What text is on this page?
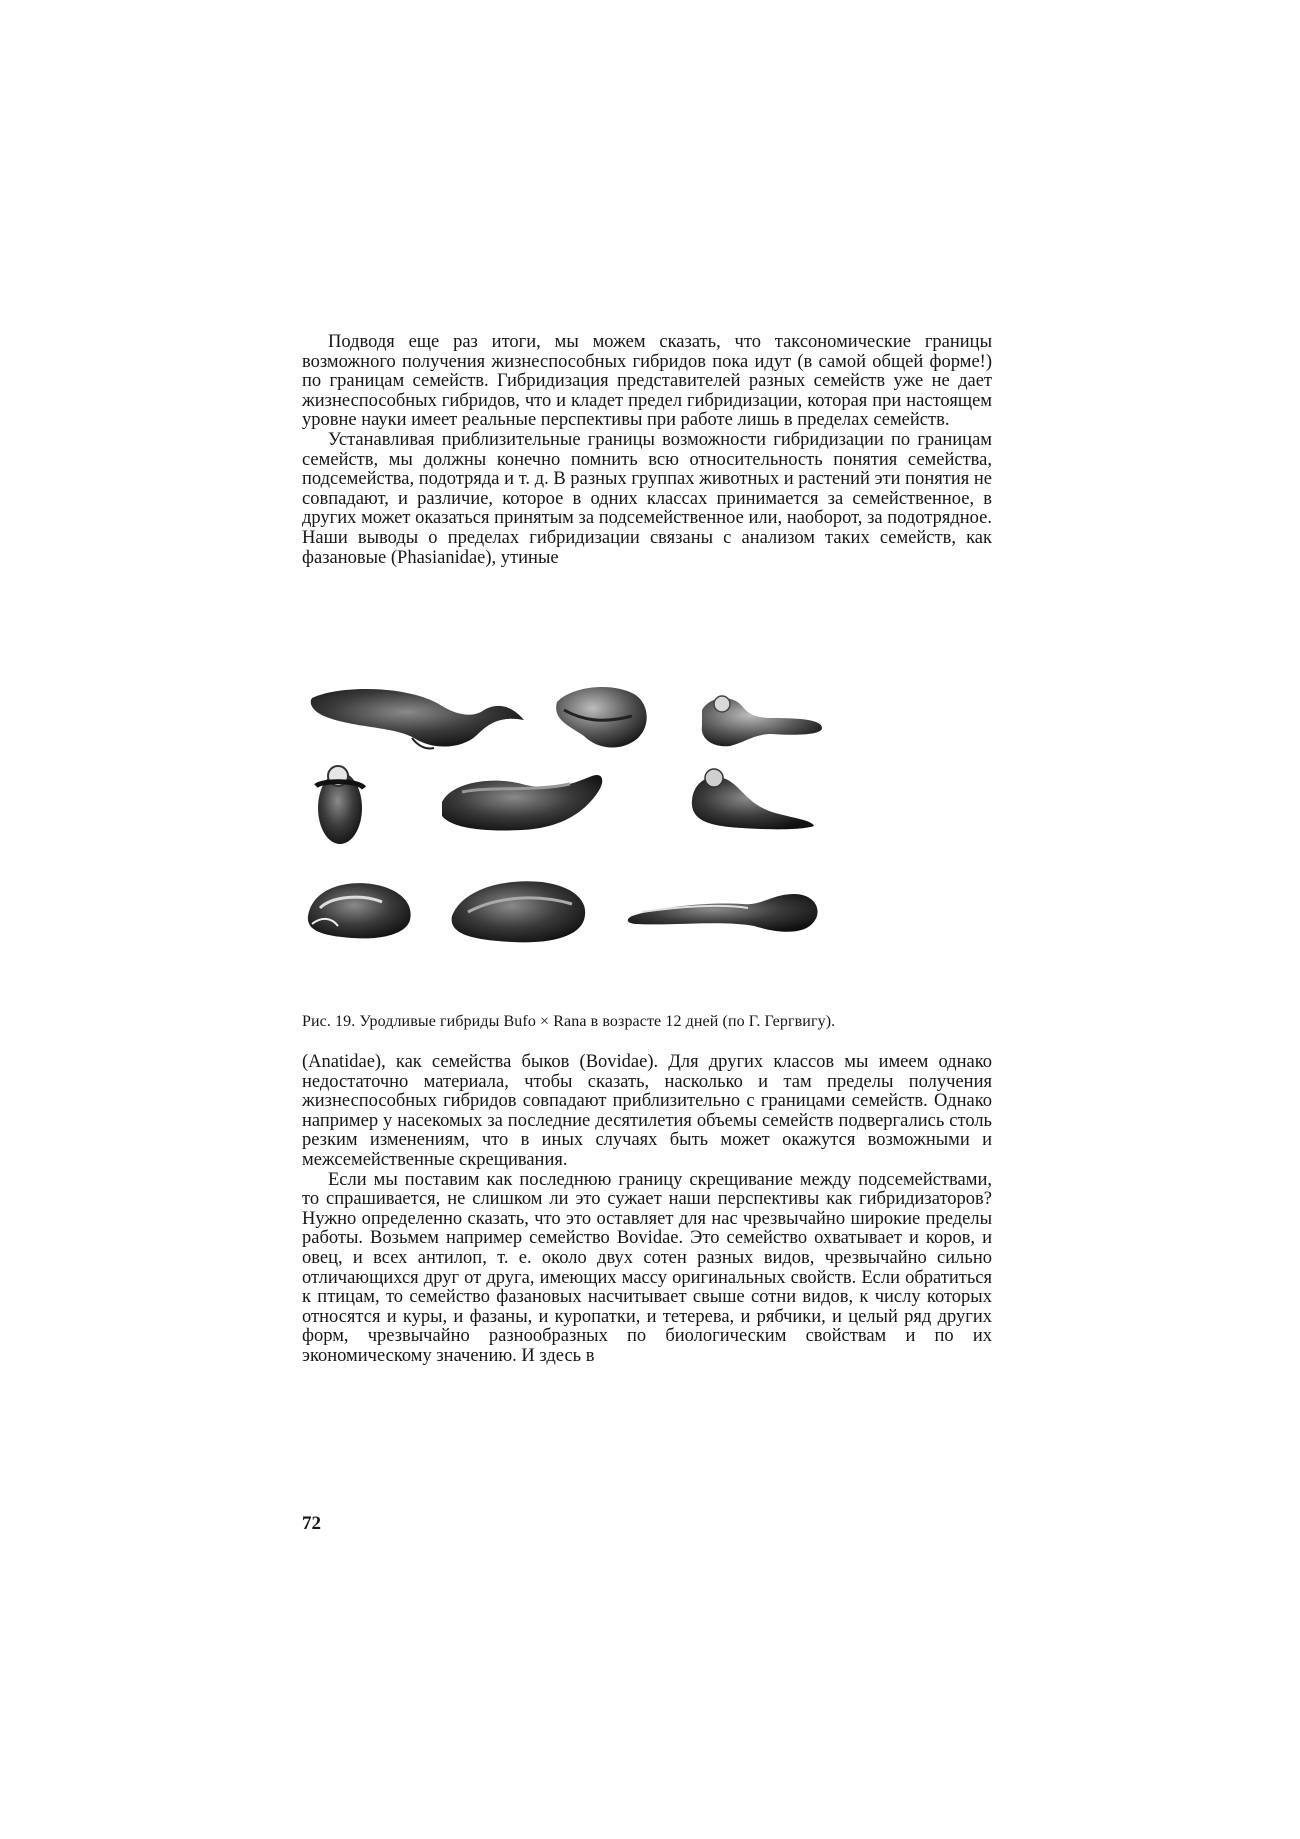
Подводя еще раз итоги, мы можем сказать, что таксономические границы возможного получения жизнеспособных гибридов пока идут (в самой общей форме!) по границам семейств. Гибридизация представителей разных семейств уже не дает жизнеспособных гибридов, что и кладет предел гибридизации, которая при настоящем уровне науки имеет реальные перспективы при работе лишь в пределах семейств.

Устанавливая приблизительные границы возможности гибридизации по границам семейств, мы должны конечно помнить всю относительность понятия семейства, подсемейства, подотряда и т. д. В разных группах животных и растений эти понятия не совпадают, и различие, которое в одних классах принимается за семейственное, в других может оказаться принятым за подсемейственное или, наоборот, за подотрядное. Наши выводы о пределах гибридизации связаны с анализом таких семейств, как фазановые (Phasianidae), утиные

Рис. 19. Уродливые гибриды Bufo × Rana в возрасте 12 дней (по Г. Гергвигу).

(Anatidae), как семейства быков (Bovidae). Для других классов мы имеем однако недостаточно материала, чтобы сказать, насколько и там пределы получения жизнеспособных гибридов совпадают приблизительно с границами семейств. Однако например у насекомых за последние десятилетия объемы семейств подвергались столь резким изменениям, что в иных случаях быть может окажутся возможными и межсемейственные скрещивания.

Если мы поставим как последнюю границу скрещивание между подсемействами, то спрашивается, не слишком ли это сужает наши перспективы как гибридизаторов? Нужно определенно сказать, что это оставляет для нас чрезвычайно широкие пределы работы. Возьмем например семейство Bovidae. Это семейство охватывает и коров, и овец, и всех антилоп, т. е. около двух сотен разных видов, чрезвычайно сильно отличающихся друг от друга, имеющих массу оригинальных свойств. Если обратиться к птицам, то семейство фазановых насчитывает свыше сотни видов, к числу которых относятся и куры, и фазаны, и куропатки, и тетерева, и рябчики, и целый ряд других форм, чрезвычайно разнообразных по биологическим свойствам и по их экономическому значению. И здесь в

72
